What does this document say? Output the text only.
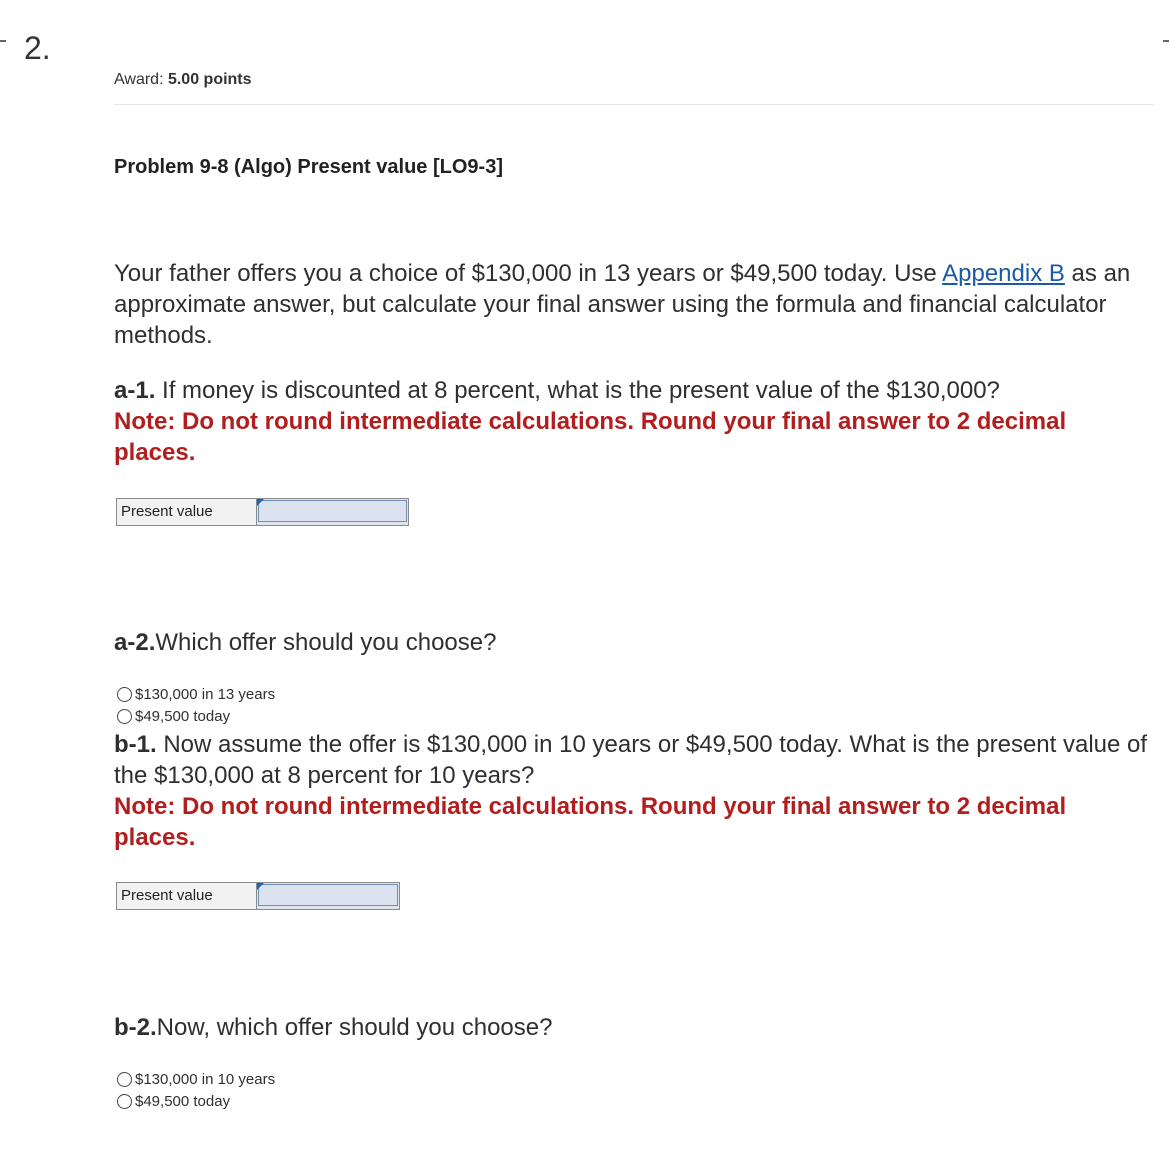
2.
Award: 5.00 points
Problem 9-8 (Algo) Present value [LO9-3]
Your father offers you a choice of $130,000 in 13 years or $49,500 today. Use Appendix B as an approximate answer, but calculate your final answer using the formula and financial calculator methods.
a-1. If money is discounted at 8 percent, what is the present value of the $130,000?
Note: Do not round intermediate calculations. Round your final answer to 2 decimal places.
Present value
a-2.Which offer should you choose?
$130,000 in 13 years
$49,500 today
b-1. Now assume the offer is $130,000 in 10 years or $49,500 today. What is the present value of the $130,000 at 8 percent for 10 years?
Note: Do not round intermediate calculations. Round your final answer to 2 decimal places.
Present value
b-2.Now, which offer should you choose?
$130,000 in 10 years
$49,500 today
